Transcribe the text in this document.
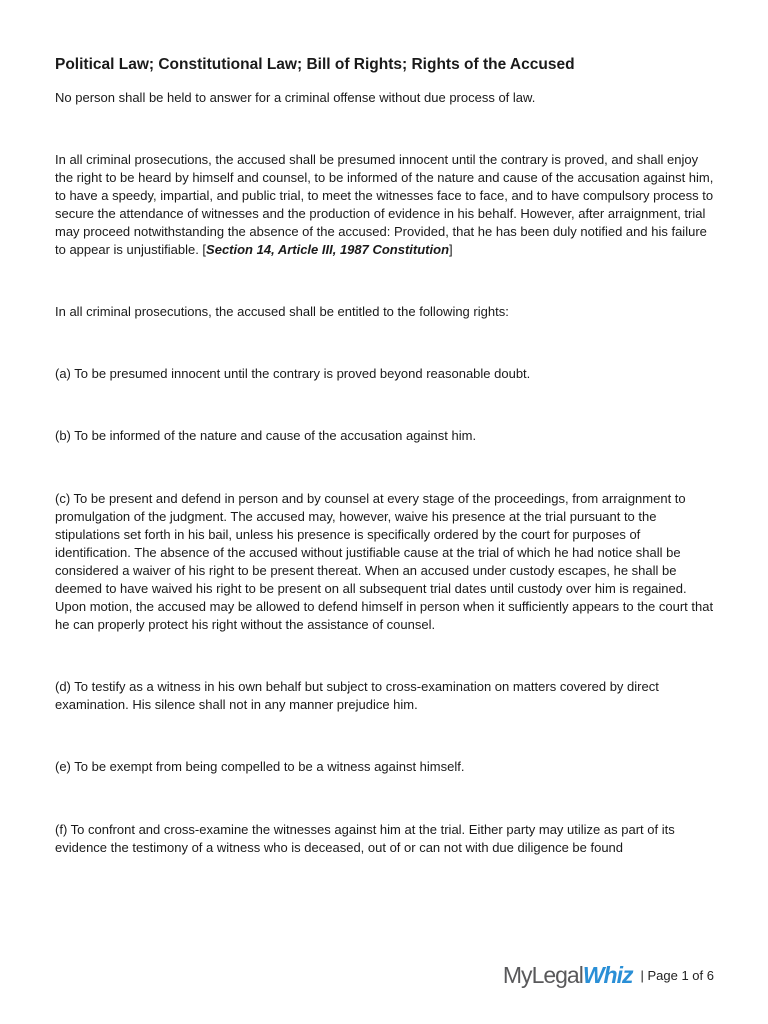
Political Law; Constitutional Law; Bill of Rights; Rights of the Accused

No person shall be held to answer for a criminal offense without due process of law.

In all criminal prosecutions, the accused shall be presumed innocent until the contrary is proved, and shall enjoy the right to be heard by himself and counsel, to be informed of the nature and cause of the accusation against him, to have a speedy, impartial, and public trial, to meet the witnesses face to face, and to have compulsory process to secure the attendance of witnesses and the production of evidence in his behalf. However, after arraignment, trial may proceed notwithstanding the absence of the accused: Provided, that he has been duly notified and his failure to appear is unjustifiable. [Section 14, Article III, 1987 Constitution]

In all criminal prosecutions, the accused shall be entitled to the following rights:

(a) To be presumed innocent until the contrary is proved beyond reasonable doubt.

(b) To be informed of the nature and cause of the accusation against him.

(c) To be present and defend in person and by counsel at every stage of the proceedings, from arraignment to promulgation of the judgment. The accused may, however, waive his presence at the trial pursuant to the stipulations set forth in his bail, unless his presence is specifically ordered by the court for purposes of identification. The absence of the accused without justifiable cause at the trial of which he had notice shall be considered a waiver of his right to be present thereat. When an accused under custody escapes, he shall be deemed to have waived his right to be present on all subsequent trial dates until custody over him is regained. Upon motion, the accused may be allowed to defend himself in person when it sufficiently appears to the court that he can properly protect his right without the assistance of counsel.

(d) To testify as a witness in his own behalf but subject to cross-examination on matters covered by direct examination. His silence shall not in any manner prejudice him.

(e) To be exempt from being compelled to be a witness against himself.

(f) To confront and cross-examine the witnesses against him at the trial. Either party may utilize as part of its evidence the testimony of a witness who is deceased, out of or can not with due diligence be found

MyLegalWhiz | Page 1 of 6
